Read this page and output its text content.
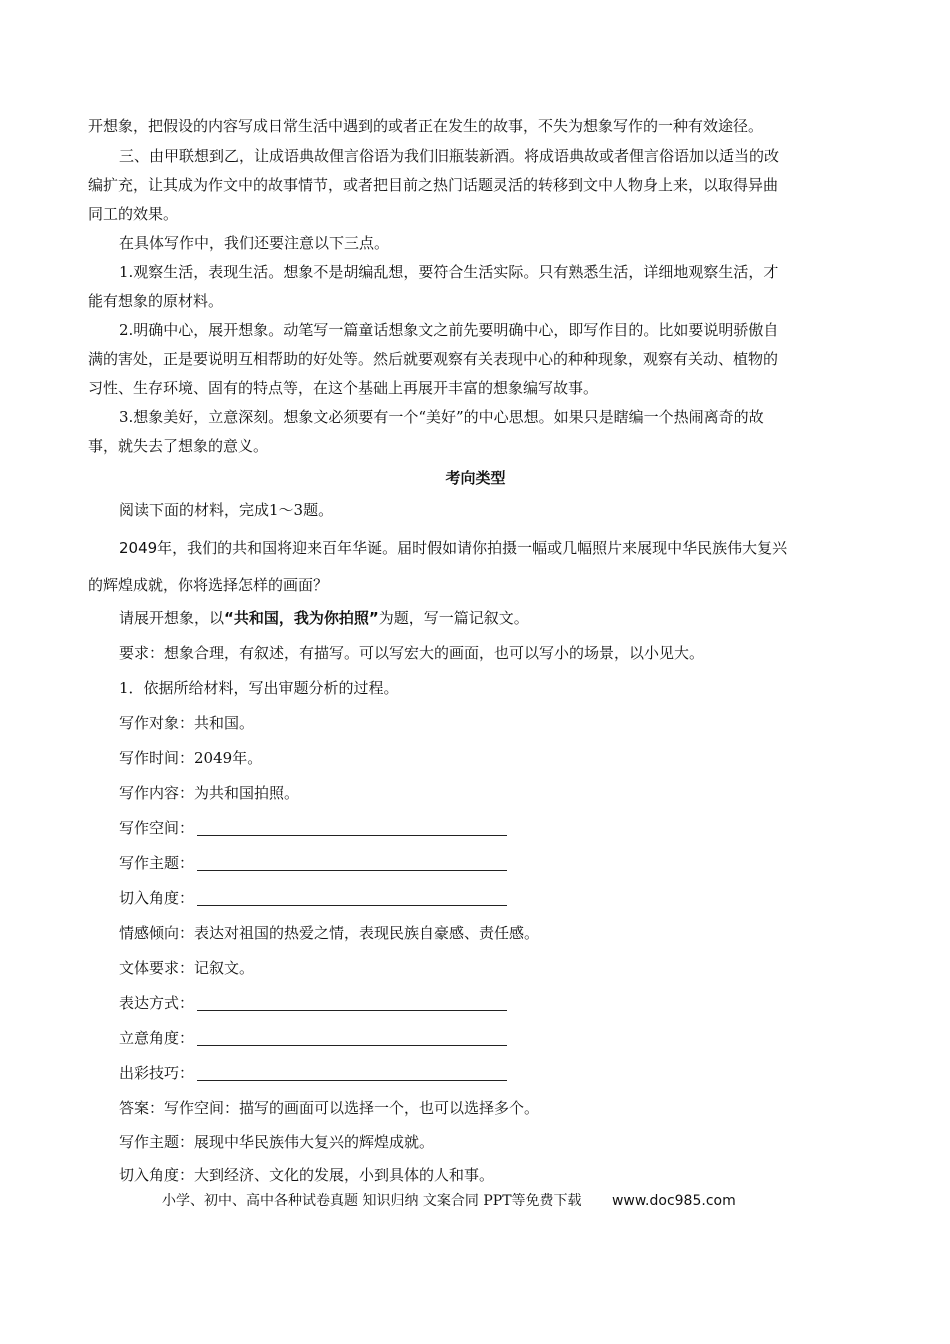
开想象，把假设的内容写成日常生活中遇到的或者正在发生的故事，不失为想象写作的一种有效途径。
三、由甲联想到乙，让成语典故俚言俗语为我们旧瓶装新酒。将成语典故或者俚言俗语加以适当的改
编扩充，让其成为作文中的故事情节，或者把目前之热门话题灵活的转移到文中人物身上来，以取得异曲
同工的效果。
在具体写作中，我们还要注意以下三点。
1.观察生活，表现生活。想象不是胡编乱想，要符合生活实际。只有熟悉生活，详细地观察生活，才
能有想象的原材料。
2.明确中心，展开想象。动笔写一篇童话想象文之前先要明确中心，即写作目的。比如要说明骄傲自
满的害处，正是要说明互相帮助的好处等。然后就要观察有关表现中心的种种现象，观察有关动、植物的
习性、生存环境、固有的特点等，在这个基础上再展开丰富的想象编写故事。
3.想象美好，立意深刻。想象文必须要有一个“美好”的中心思想。如果只是瞎编一个热闹离奇的故
事，就失去了想象的意义。
考向类型
阅读下面的材料，完成1～3题。
2049年，我们的共和国将迎来百年华诞。届时假如请你拍摄一幅或几幅照片来展现中华民族伟大复兴
的辉煌成就，你将选择怎样的画面？
请展开想象，以“共和国，我为你拍照”为题，写一篇记叙文。
要求：想象合理，有叙述，有描写。可以写宏大的画面，也可以写小的场景，以小见大。
1．依据所给材料，写出审题分析的过程。
写作对象：共和国。
写作时间：2049年。
写作内容：为共和国拍照。
写作空间：
写作主题：
切入角度：
情感倾向：表达对祖国的热爱之情，表现民族自豪感、责任感。
文体要求：记叙文。
表达方式：
立意角度：
出彩技巧：
答案：写作空间：描写的画面可以选择一个，也可以选择多个。
写作主题：展现中华民族伟大复兴的辉煌成就。
切入角度：大到经济、文化的发展，小到具体的人和事。
小学、初中、高中各种试卷真题 知识归纳 文案合同 PPT等免费下载 www.doc985.com
